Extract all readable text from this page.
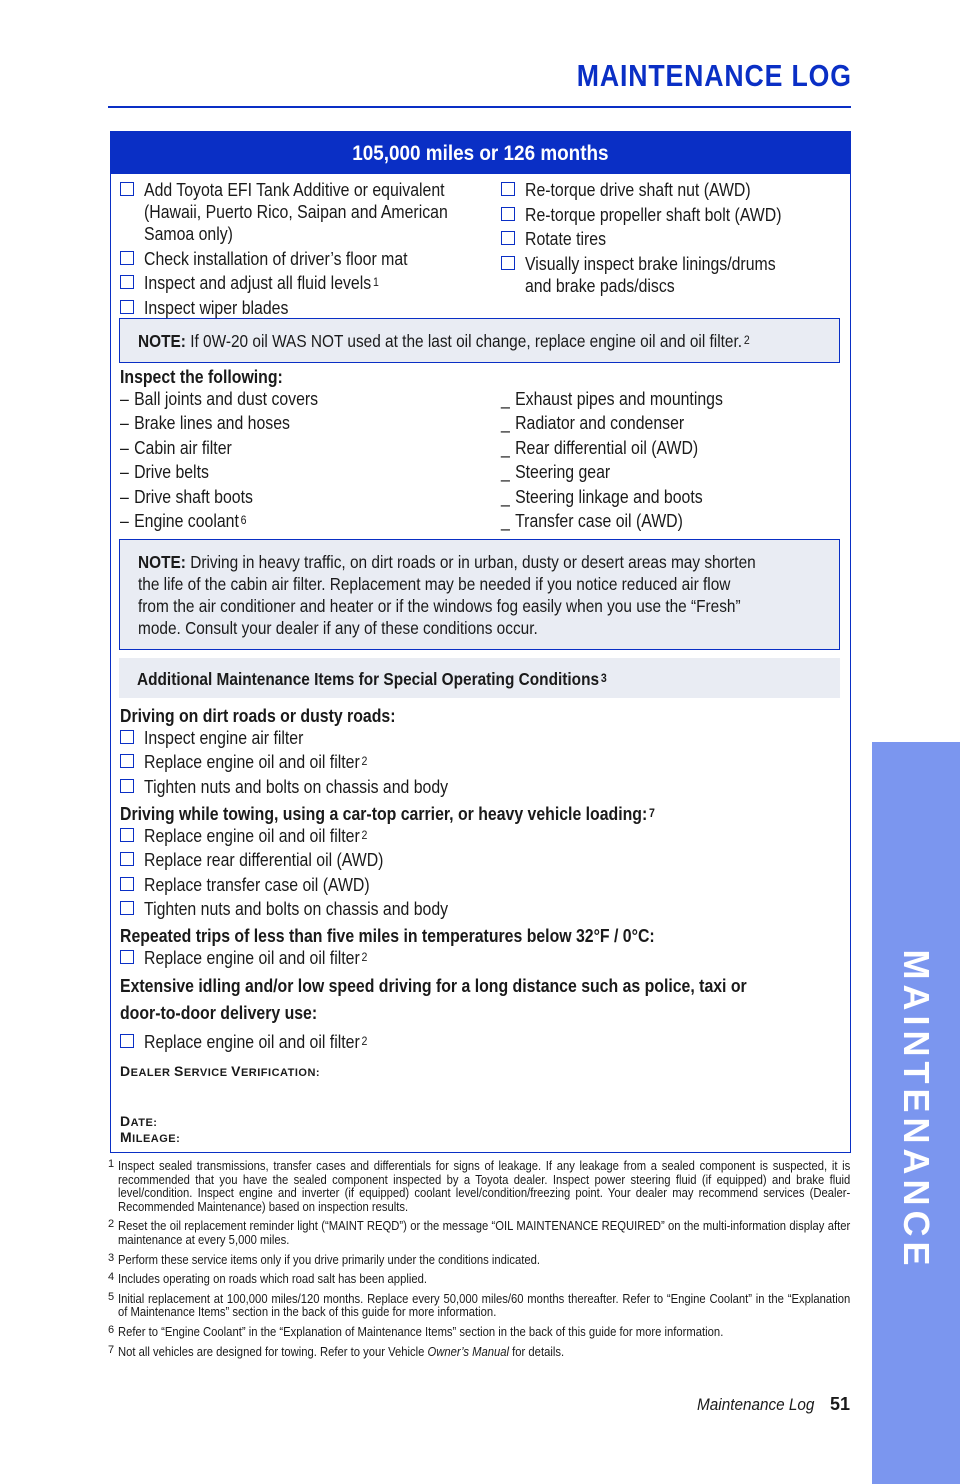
MAINTENANCE LOG
MAINTENANCE
105,000 miles or 126 months
Add Toyota EFI Tank Additive or equivalent
(Hawaii, Puerto Rico, Saipan and American
Samoa only)
Check installation of driver’s floor mat
Inspect and adjust all fluid levels $^1$
Inspect wiper blades
Re-torque drive shaft nut (AWD)
Re-torque propeller shaft bolt (AWD)
Rotate tires
Visually inspect brake linings/drums
and brake pads/discs
NOTE: If 0W-20 oil WAS NOT used at the last oil change, replace engine oil and oil filter. $^2$
Inspect the following:
– Ball joints and dust covers
– Brake lines and hoses
– Cabin air filter
– Drive belts
– Drive shaft boots
– Engine coolant $^6$
_ Exhaust pipes and mountings
_ Radiator and condenser
_ Rear differential oil (AWD)
_ Steering gear
_ Steering linkage and boots
_ Transfer case oil (AWD)
NOTE: Driving in heavy traffic, on dirt roads or in urban, dusty or desert areas may shorten
the life of the cabin air filter. Replacement may be needed if you notice reduced air flow
from the air conditioner and heater or if the windows fog easily when you use the “Fresh”
mode. Consult your dealer if any of these conditions occur.
Additional Maintenance Items for Special Operating Conditions $^3$
Driving on dirt roads or dusty roads:
Inspect engine air filter
Replace engine oil and oil filter $^2$
Tighten nuts and bolts on chassis and body
Driving while towing, using a car-top carrier, or heavy vehicle loading: $^7$
Replace engine oil and oil filter $^2$
Replace rear differential oil (AWD)
Replace transfer case oil (AWD)
Tighten nuts and bolts on chassis and body
Repeated trips of less than five miles in temperatures below 32°F / 0°C:
Replace engine oil and oil filter $^2$
Extensive idling and/or low speed driving for a long distance such as police, taxi or
door-to-door delivery use:
Replace engine oil and oil filter $^2$
DEALER SERVICE VERIFICATION:
DATE:
MILEAGE:
1 Inspect sealed transmissions, transfer cases and differentials for signs of leakage. If any leakage from a sealed component is suspected, it is recommended that you have the sealed component inspected by a Toyota dealer. Inspect power steering fluid (if equipped) and brake fluid level/condition. Inspect engine and inverter (if equipped) coolant level/condition/freezing point. Your dealer may recommend services (Dealer-Recommended Maintenance) based on inspection results.
2 Reset the oil replacement reminder light (“MAINT REQD”) or the message “OIL MAINTENANCE REQUIRED” on the multi-information display after maintenance at every 5,000 miles.
3 Perform these service items only if you drive primarily under the conditions indicated.
4 Includes operating on roads which road salt has been applied.
5 Initial replacement at 100,000 miles/120 months. Replace every 50,000 miles/60 months thereafter. Refer to “Engine Coolant” in the “Explanation of Maintenance Items” section in the back of this guide for more information.
6 Refer to “Engine Coolant” in the “Explanation of Maintenance Items” section in the back of this guide for more information.
7 Not all vehicles are designed for towing. Refer to your Vehicle Owner’s Manual for details.
Maintenance Log 51
